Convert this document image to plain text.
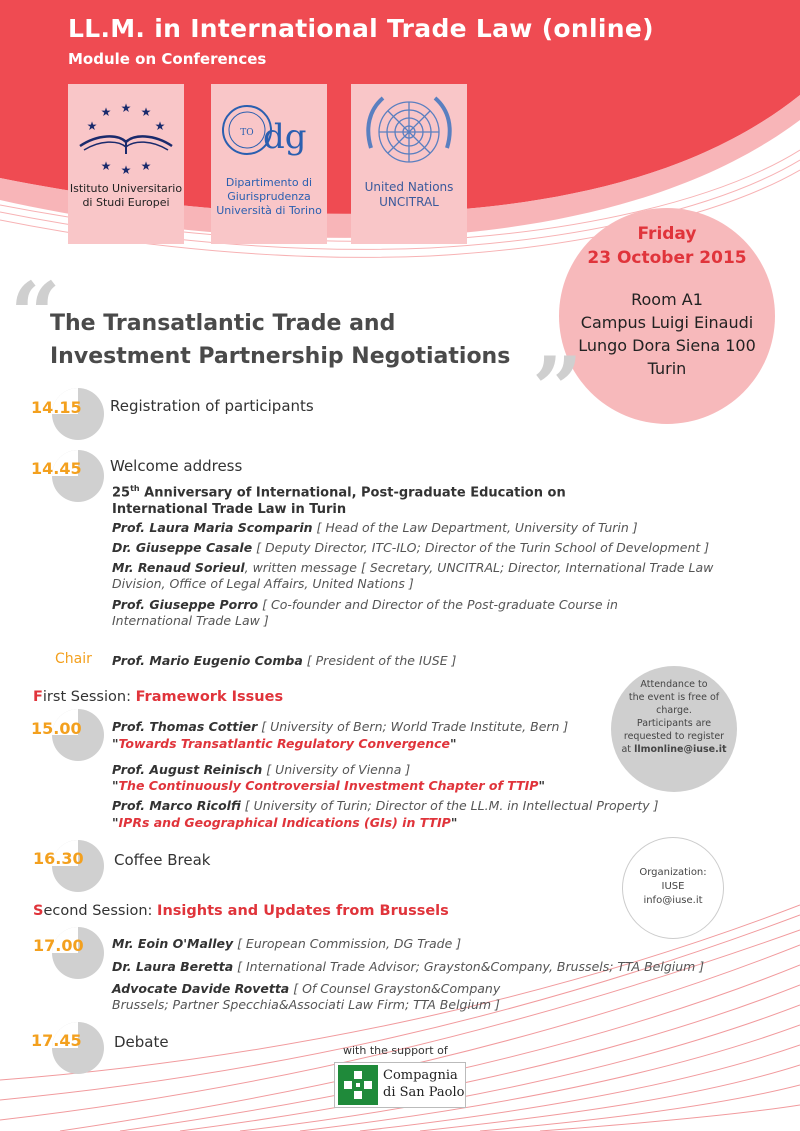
LL.M. in International Trade Law (online)
Module on Conferences
★
★ ★
★	★
★ ★ ★
Istituto Universitario
di Studi Europei
TO dg
Dipartimento di
Giurisprudenza
Università di Torino
United Nations
UNCITRAL
Friday
23 October 2015
Room A1
Campus Luigi Einaudi
Lungo Dora Siena 100
Turin
“
”
The Transatlantic Trade and
Investment Partnership Negotiations
14.15 Registration of participants
14.45 Welcome address
25th Anniversary of International, Post-graduate Education on
International Trade Law in Turin
Prof. Laura Maria Scomparin [ Head of the Law Department, University of Turin ]
Dr. Giuseppe Casale [ Deputy Director, ITC-ILO; Director of the Turin School of Development ]
Mr. Renaud Sorieul, written message [ Secretary, UNCITRAL; Director, International Trade Law Division, Office of Legal Affairs, United Nations ]
Prof. Giuseppe Porro [ Co-founder and Director of the Post-graduate Course in International Trade Law ]
Chair Prof. Mario Eugenio Comba [ President of the IUSE ]
First Session: Framework Issues
15.00 Prof. Thomas Cottier [ University of Bern; World Trade Institute, Bern ]
"Towards Transatlantic Regulatory Convergence"
Prof. August Reinisch [ University of Vienna ]
"The Continuously Controversial Investment Chapter of TTIP"
Prof. Marco Ricolfi [ University of Turin; Director of the LL.M. in Intellectual Property ]
"IPRs and Geographical Indications (GIs) in TTIP"
Attendance to
the event is free of
charge.
Participants are
requested to register
at llmonline@iuse.it
16.30 Coffee Break
Organization:
IUSE
info@iuse.it
Second Session: Insights and Updates from Brussels
17.00 Mr. Eoin O'Malley [ European Commission, DG Trade ]
Dr. Laura Beretta [ International Trade Advisor; Grayston&Company, Brussels; TTA Belgium ]
Advocate Davide Rovetta [ Of Counsel Grayston&Company Brussels; Partner Specchia&Associati Law Firm; TTA Belgium ]
17.45 Debate	with the support of
Compagnia
di San Paolo
